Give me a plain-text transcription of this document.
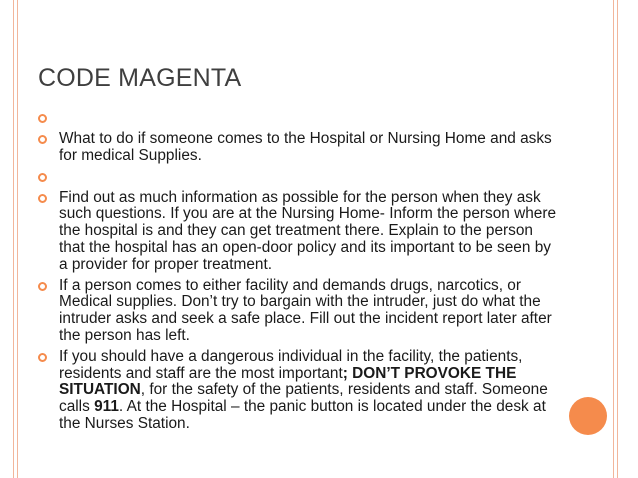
CODE MAGENTA
What to do if someone comes to the Hospital or Nursing Home and asks for medical Supplies.
Find out as much information as possible for the person when they ask such questions. If you are at the Nursing Home- Inform the person where the hospital is and they can get treatment there. Explain to the person that the hospital has an open-door policy and its important to be seen by a provider for proper treatment.
If a person comes to either facility and demands drugs, narcotics, or Medical supplies. Don’t try to bargain with the intruder, just do what the intruder asks and seek a safe place. Fill out the incident report later after the person has left.
If you should have a dangerous individual in the facility, the patients, residents and staff are the most important; DON’T PROVOKE THE SITUATION, for the safety of the patients, residents and staff. Someone calls 911. At the Hospital – the panic button is located under the desk at the Nurses Station.
